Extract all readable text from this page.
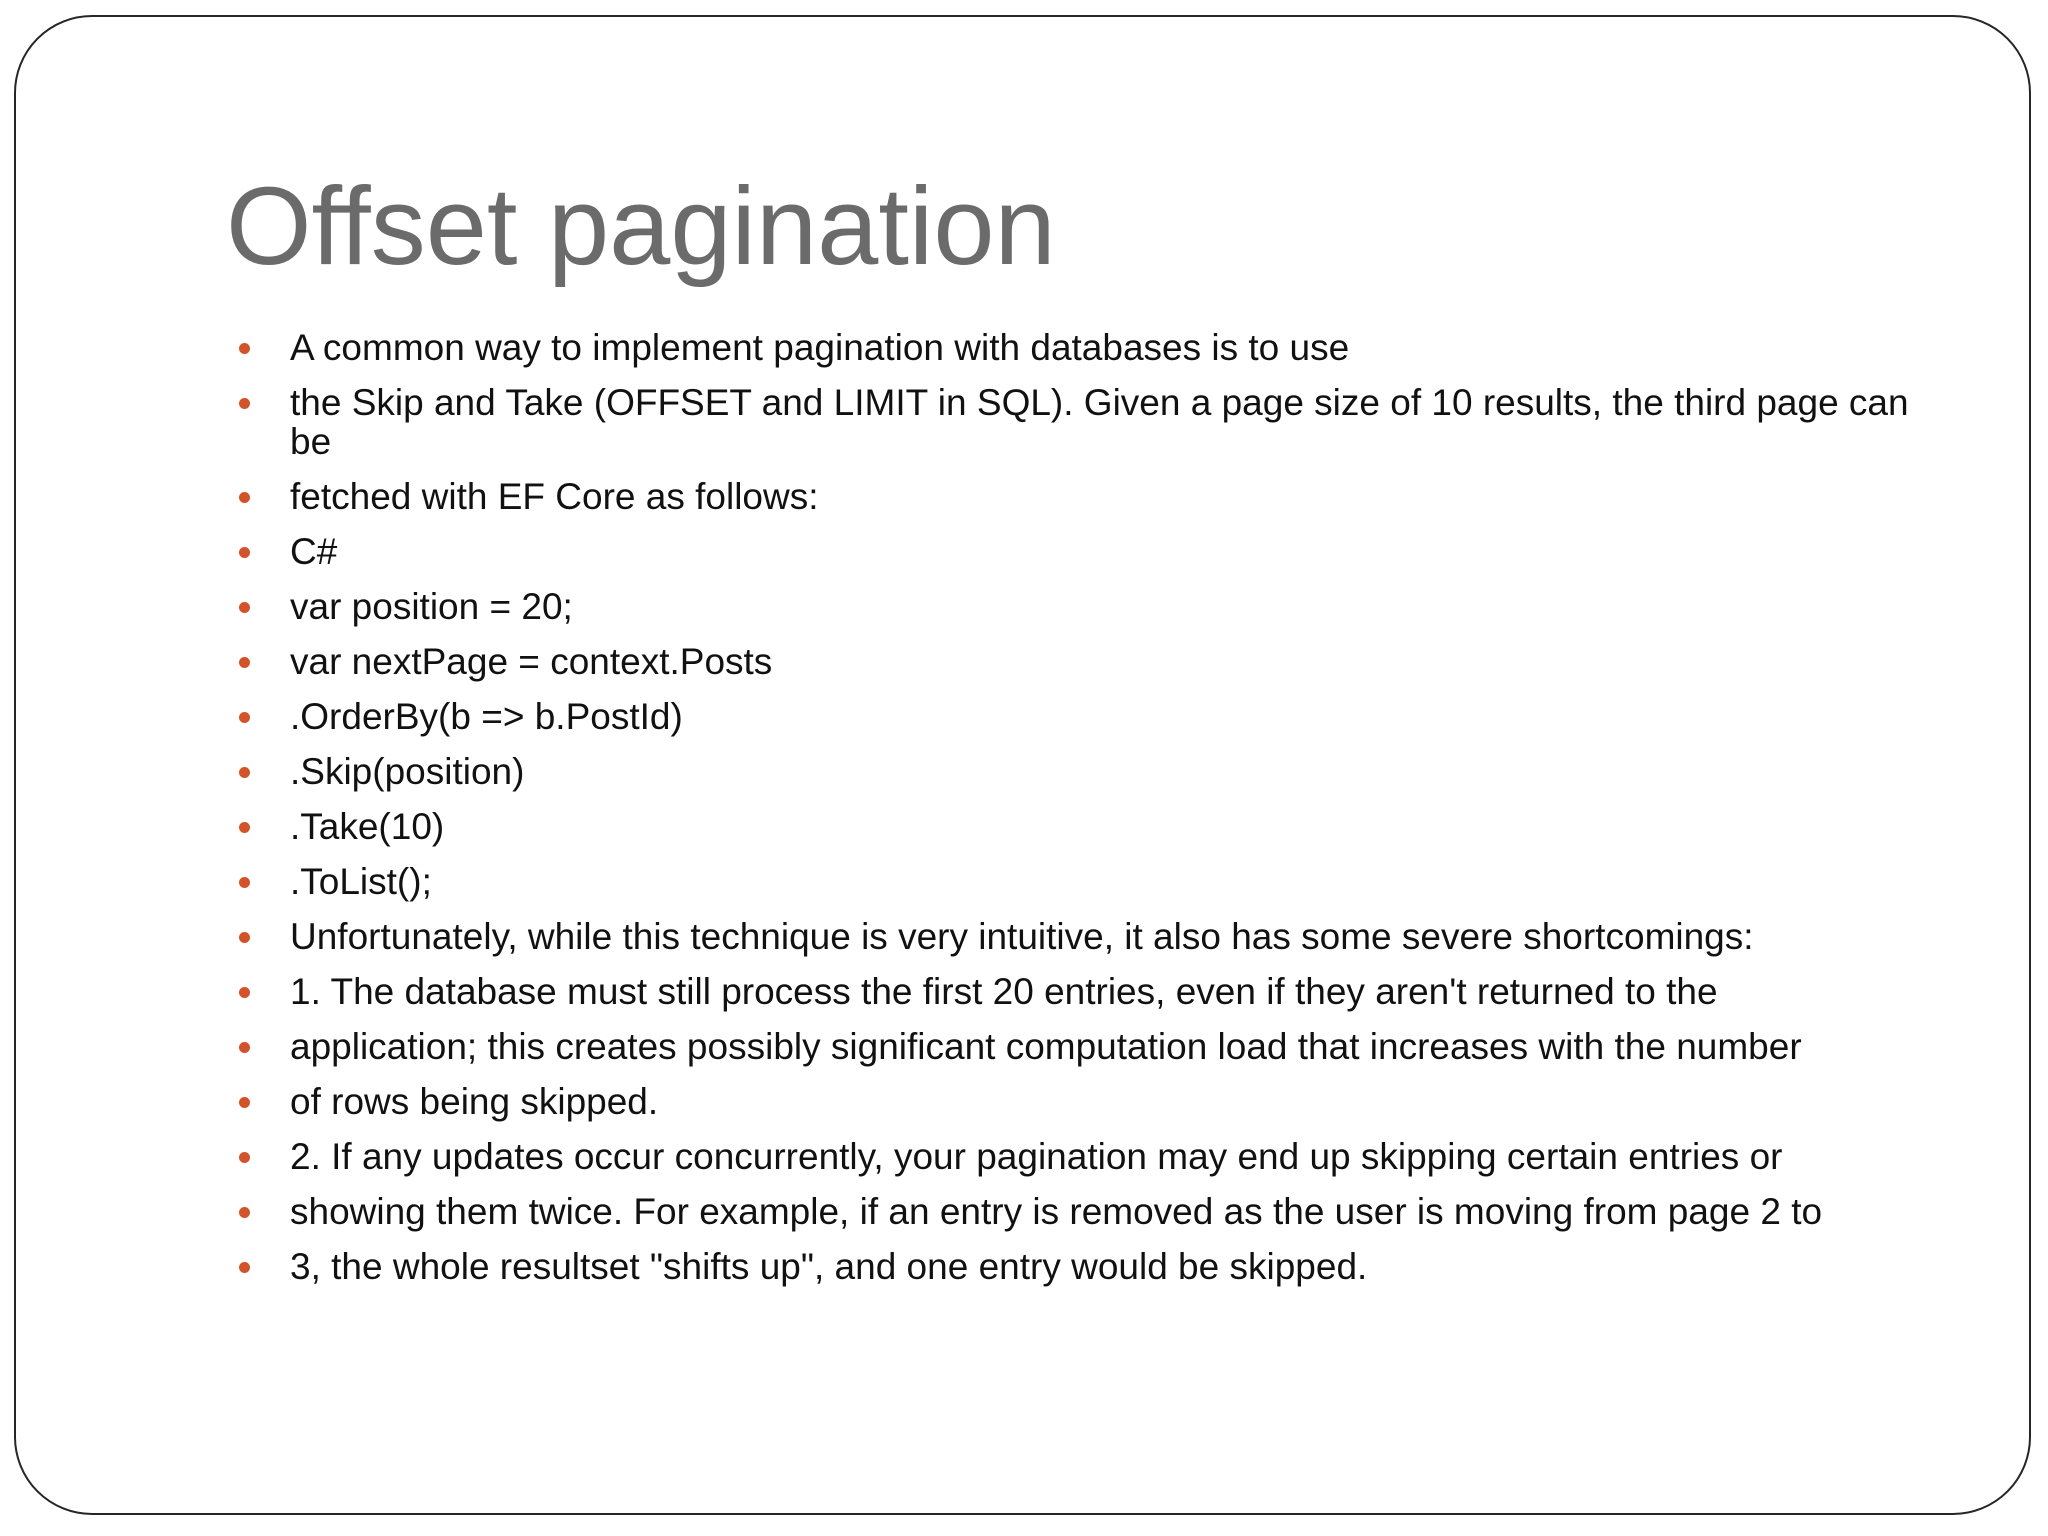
Offset pagination
A common way to implement pagination with databases is to use
the Skip and Take (OFFSET and LIMIT in SQL). Given a page size of 10 results, the third page can be
fetched with EF Core as follows:
C#
var position = 20;
var nextPage = context.Posts
.OrderBy(b => b.PostId)
.Skip(position)
.Take(10)
.ToList();
Unfortunately, while this technique is very intuitive, it also has some severe shortcomings:
1. The database must still process the first 20 entries, even if they aren't returned to the
application; this creates possibly significant computation load that increases with the number
of rows being skipped.
2. If any updates occur concurrently, your pagination may end up skipping certain entries or
showing them twice. For example, if an entry is removed as the user is moving from page 2 to
3, the whole resultset "shifts up", and one entry would be skipped.
